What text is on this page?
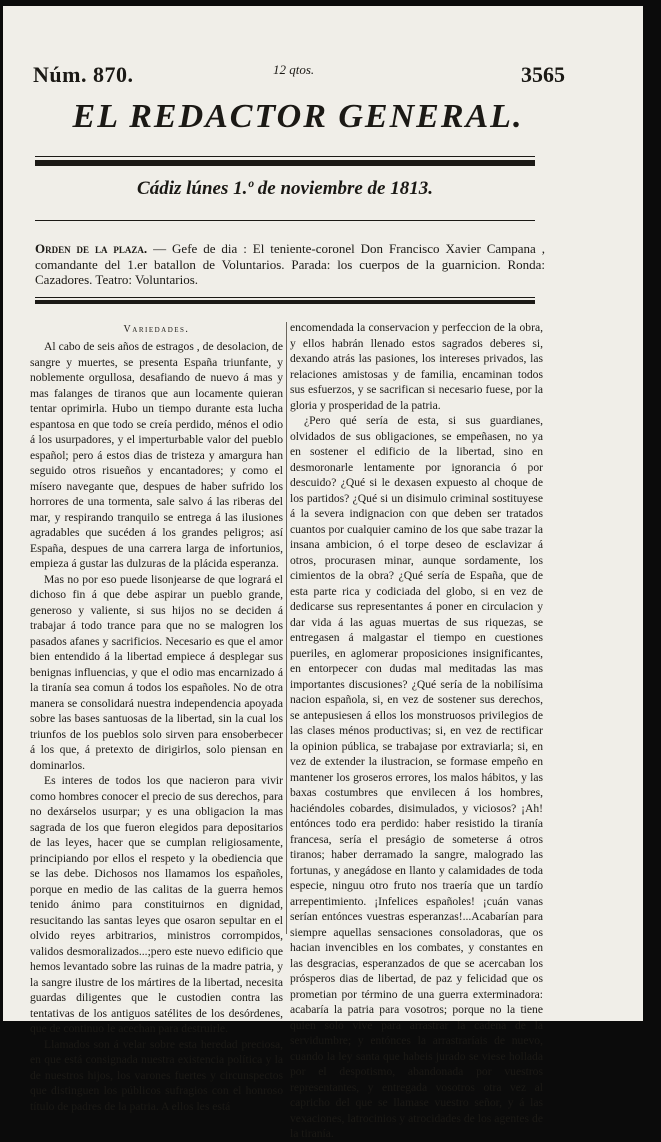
Núm. 870.	12 qtos.	3565
EL REDACTOR GENERAL.
Cádiz lúnes 1.º de noviembre de 1813.
Orden de la plaza. — Gefe de dia : El teniente-coronel Don Francisco Xavier Campana , comandante del 1.er batallon de Voluntarios. Parada: los cuerpos de la guarnicion. Ronda: Cazadores. Teatro: Voluntarios.
Variedades.

Al cabo de seis años de estragos , de desolacion, de sangre y muertes, se presenta España triunfante, y noblemente orgullosa, desafiando de nuevo á mas y mas falanges de tiranos que aun locamente quieran tentar oprimirla. Hubo un tiempo durante esta lucha espantosa en que todo se creía perdido, ménos el odio á los usurpadores, y el imperturbable valor del pueblo español; pero á estos dias de tristeza y amargura han seguido otros risueños y encantadores; y como el mísero navegante que, despues de haber sufrido los horrores de una tormenta, sale salvo á las riberas del mar, y respirando tranquilo se entrega á las ilusiones agradables que sucéden á los grandes peligros; así España, despues de una carrera larga de infortunios, empieza á gustar las dulzuras de la plácida esperanza.

Mas no por eso puede lisonjearse de que logrará el dichoso fin á que debe aspirar un pueblo grande, generoso y valiente, si sus hijos no se deciden á trabajar á todo trance para que no se malogren los pasados afanes y sacrificios. Necesario es que el amor bien entendido á la libertad empiece á desplegar sus benignas influencias, y que el odio mas encarnizado á la tiranía sea comun á todos los españoles. No de otra manera se consolidará nuestra independencia apoyada sobre las bases santuosas de la libertad, sin la cual los triunfos de los pueblos solo sirven para ensoberbecer á los que, á pretexto de dirigirlos, solo piensan en dominarlos.

Es interes de todos los que nacieron para vivir como hombres conocer el precio de sus derechos, para no dexárselos usurpar; y es una obligacion la mas sagrada de los que fueron elegidos para depositarios de las leyes, hacer que se cumplan religiosamente, principiando por ellos el respeto y la obediencia que se las debe. Dichosos nos llamamos los españoles, porque en medio de las calitas de la guerra hemos tenido ánimo para constituirnos en dignidad, resucitando las santas leyes que osaron sepultar en el olvido reyes arbitrarios, ministros corrompidos, validos desmoralizados...;pero este nuevo edificio que hemos levantado sobre las ruinas de la madre patria, y la sangre ilustre de los mártires de la libertad, necesita guardas diligentes que le custodien contra las tentativas de los antiguos satélites de los desórdenes, que de continuo le acechan para destruirle.

Llamados son á velar sobre esta heredad preciosa, en que está consignada nuestra existencia política y la de nuestros hijos, los varones fuertes y circunspectos que distinguen los públicos sufragios con el honroso título de padres de la patria. A ellos les está

encomendada la conservacion y perfeccion de la obra, y ellos habrán llenado estos sagrados deberes si, dexando atrás las pasiones, los intereses privados, las relaciones amistosas y de familia, encaminan todos sus esfuerzos, y se sacrifican si necesario fuese, por la gloria y prosperidad de la patria.

¿Pero qué sería de esta, si sus guardianes, olvidados de sus obligaciones, se empeñasen, no ya en sostener el edificio de la libertad, sino en desmoronarle lentamente por ignorancia ó por descuido? ¿Qué si le dexasen expuesto al choque de los partidos? ¿Qué si un disimulo criminal sostituyese á la severa indignacion con que deben ser tratados cuantos por cualquier camino de los que sabe trazar la insana ambicion, ó el torpe deseo de esclavizar á otros, procurasen minar, aunque sordamente, los cimientos de la obra? ¿Qué sería de España, que de esta parte rica y codiciada del globo, si en vez de dedicarse sus representantes á poner en circulacion y dar vida á las aguas muertas de sus riquezas, se entregasen á malgastar el tiempo en cuestiones pueriles, en aglomerar proposiciones insignificantes, en entorpecer con dudas mal meditadas las mas importantes discusiones? ¿Qué sería de la nobilísima nacion española, si, en vez de sostener sus derechos, se antepusiesen á ellos los monstruosos privilegios de las clases ménos productivas; si, en vez de rectificar la opinion pública, se trabajase por extraviarla; si, en vez de extender la ilustracion, se formase empeño en mantener los groseros errores, los malos hábitos, y las baxas costumbres que envilecen á los hombres, haciéndoles cobardes, disimulados, y viciosos? ¡Ah! entónces todo era perdido: haber resistido la tiranía francesa, sería el preságio de someterse á otros tiranos; haber derramado la sangre, malogrado las fortunas, y anegádose en llanto y calamidades de toda especie, ninguu otro fruto nos traería que un tardío arrepentimiento. ¡Infelices españoles! ¡cuán vanas serían entónces vuestras esperanzas!...Acabarían para siempre aquellas sensaciones consoladoras, que os hacian invencibles en los combates, y constantes en las desgracias, esperanzados de que se acercaban los prósperos dias de libertad, de paz y felicidad que os prometian por término de una guerra exterminadora: acabaría la patria para vosotros; porque no la tiene quien solo vive para arrastrar la cadena de la servidumbre; y entónces la arrastraríais de nuevo, cuando la ley santa que habeis jurado se viese hollada por el despotismo, abandonada por vuestros representantes, y entregada vosotros otra vez al capricho del que se llamase vuestro señor, y á las vexaciones, latrocinios y atrocidades de los agentes de la tiranía.
